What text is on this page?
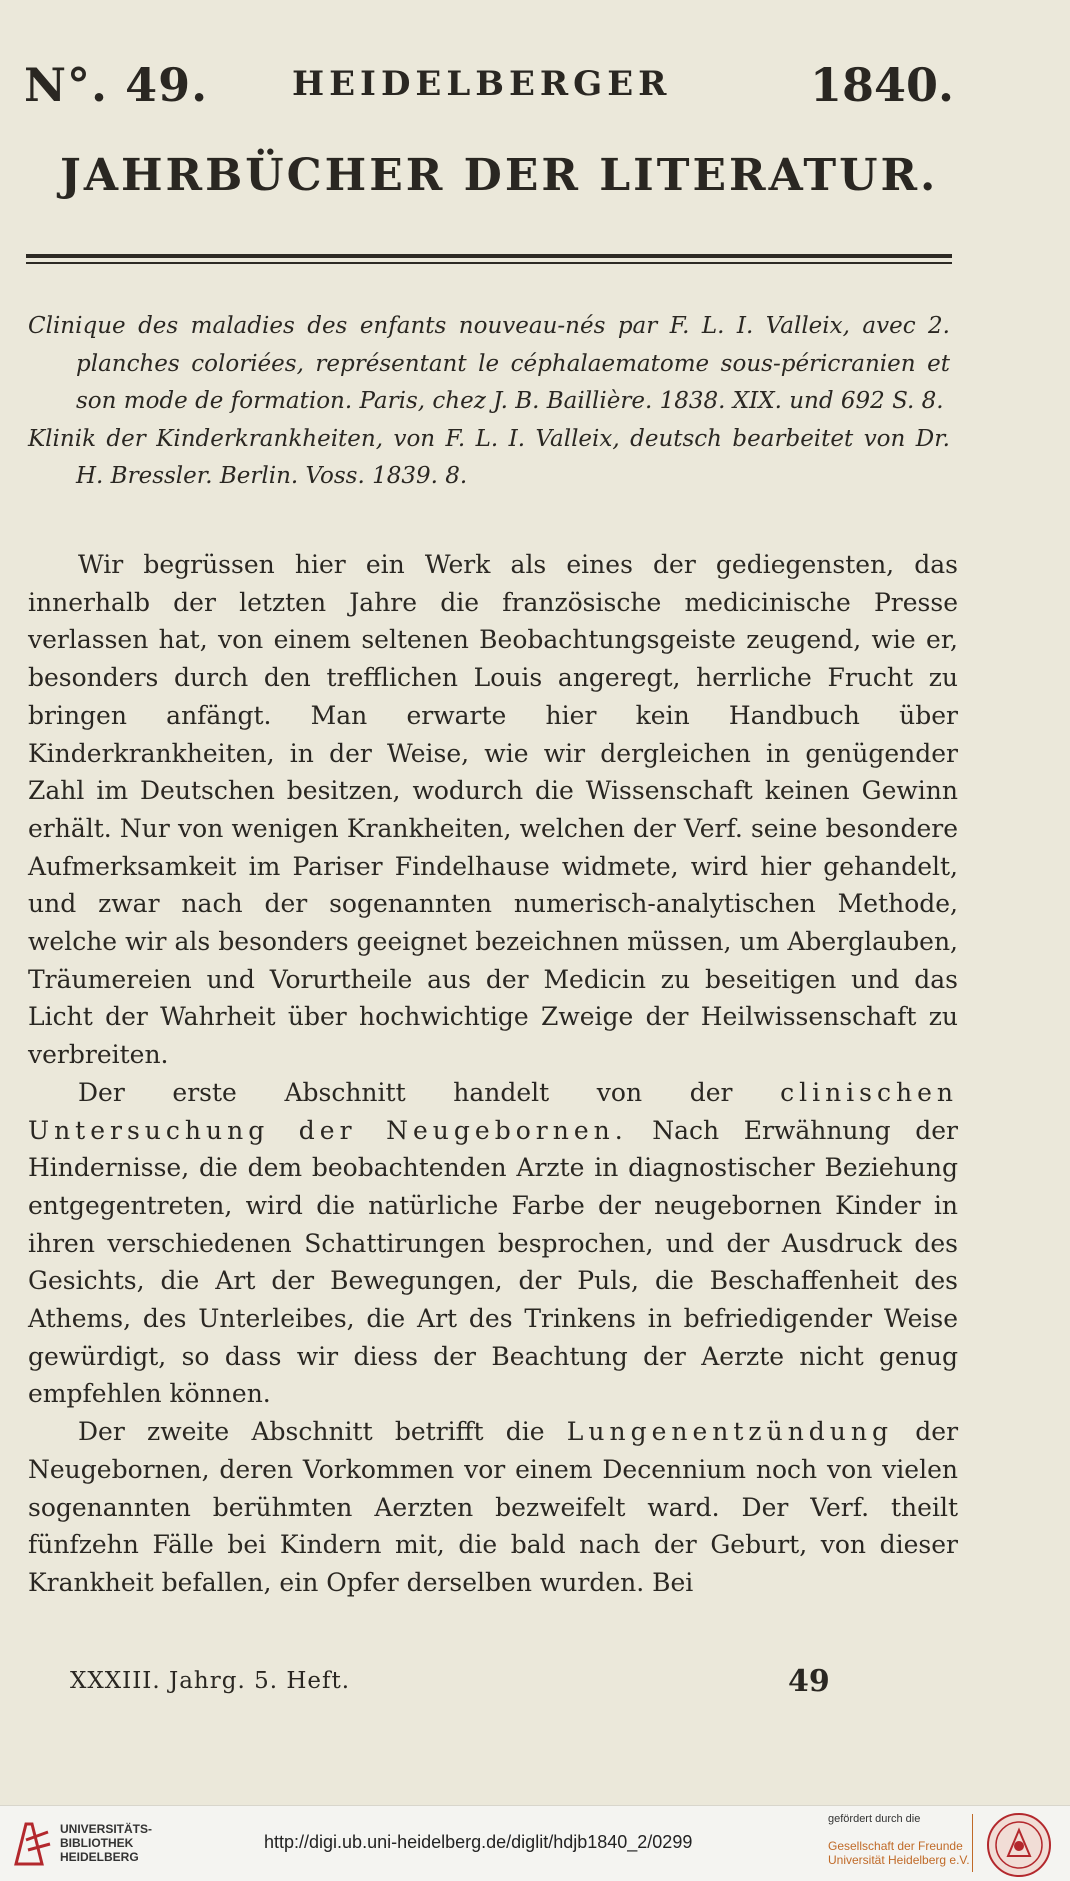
N°. 49. HEIDELBERGER	1840.
JAHRBÜCHER DER LITERATUR.
Clinique des maladies des enfants nouveau-nés par F. L. I. Valleix, avec 2. planches coloriées, représentant le céphalaematome sous-péricranien et son mode de formation. Paris, chez J. B. Baillière. 1838. XIX. und 692 S. 8.
Klinik der Kinderkrankheiten, von F. L. I. Valleix, deutsch bearbeitet von Dr. H. Bressler. Berlin. Voss. 1839. 8.

Wir begrüssen hier ein Werk als eines der gediegensten, das innerhalb der letzten Jahre die französische medicinische Presse verlassen hat, von einem seltenen Beobachtungsgeiste zeugend, wie er, besonders durch den trefflichen Louis angeregt, herrliche Frucht zu bringen anfängt. Man erwarte hier kein Handbuch über Kinderkrankheiten, in der Weise, wie wir dergleichen in genügender Zahl im Deutschen besitzen, wodurch die Wissenschaft keinen Gewinn erhält. Nur von wenigen Krankheiten, welchen der Verf. seine besondere Aufmerksamkeit im Pariser Findelhause widmete, wird hier gehandelt, und zwar nach der sogenannten numerisch-analytischen Methode, welche wir als besonders geeignet bezeichnen müssen, um Aberglauben, Träumereien und Vorurtheile aus der Medicin zu beseitigen und das Licht der Wahrheit über hochwichtige Zweige der Heilwissenschaft zu verbreiten.

Der erste Abschnitt handelt von der clinischen Untersuchung der Neugebornen. Nach Erwähnung der Hindernisse, die dem beobachtenden Arzte in diagnostischer Beziehung entgegentreten, wird die natürliche Farbe der neugebornen Kinder in ihren verschiedenen Schattirungen besprochen, und der Ausdruck des Gesichts, die Art der Bewegungen, der Puls, die Beschaffenheit des Athems, des Unterleibes, die Art des Trinkens in befriedigender Weise gewürdigt, so dass wir diess der Beachtung der Aerzte nicht genug empfehlen können.

Der zweite Abschnitt betrifft die Lungenentzündung der Neugebornen, deren Vorkommen vor einem Decennium noch von vielen sogenannten berühmten Aerzten bezweifelt ward. Der Verf. theilt fünfzehn Fälle bei Kindern mit, die bald nach der Geburt, von dieser Krankheit befallen, ein Opfer derselben wurden. Bei

XXXIII. Jahrg. 5. Heft.	49
UNIVERSITÄTS-
BIBLIOTHEK
HEIDELBERG
http://digi.ub.uni-heidelberg.de/diglit/hdjb1840_2/0299
gefördert durch die
Gesellschaft der Freunde
Universität Heidelberg e.V.
